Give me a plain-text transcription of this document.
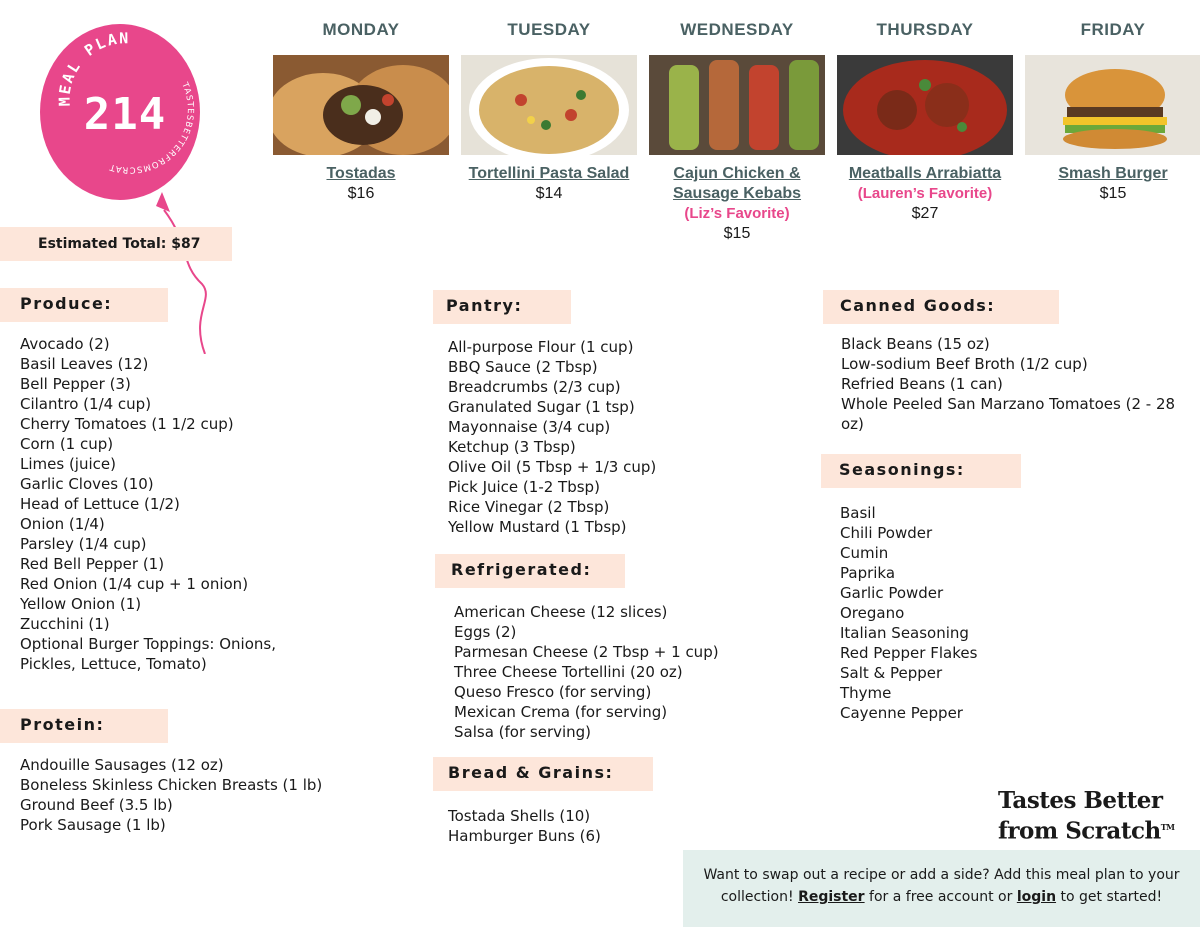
MEAL PLAN
TASTESBETTERFROMSCRAT
214
Estimated Total: $87
MONDAY
Tostadas
$16
TUESDAY
Tortellini Pasta Salad
$14
WEDNESDAY
Cajun Chicken & Sausage Kebabs
(Liz’s Favorite)
$15
THURSDAY
Meatballs Arrabiatta
(Lauren’s Favorite)
$27
FRIDAY
Smash Burger
$15
Produce:
Avocado (2)
Basil Leaves (12)
Bell Pepper (3)
Cilantro (1/4 cup)
Cherry Tomatoes (1 1/2 cup)
Corn (1 cup)
Limes (juice)
Garlic Cloves (10)
Head of Lettuce (1/2)
Onion (1/4)
Parsley (1/4 cup)
Red Bell Pepper (1)
Red Onion (1/4 cup + 1 onion)
Yellow Onion (1)
Zucchini (1)
Optional Burger Toppings: Onions,
Pickles, Lettuce, Tomato)
Protein:
Andouille Sausages (12 oz)
Boneless Skinless Chicken Breasts (1 lb)
Ground Beef (3.5 lb)
Pork Sausage (1 lb)
Pantry:
All-purpose Flour (1 cup)
BBQ Sauce (2 Tbsp)
Breadcrumbs (2/3 cup)
Granulated Sugar (1 tsp)
Mayonnaise (3/4 cup)
Ketchup (3 Tbsp)
Olive Oil (5 Tbsp + 1/3 cup)
Pick Juice (1-2 Tbsp)
Rice Vinegar (2 Tbsp)
Yellow Mustard (1 Tbsp)
Refrigerated:
American Cheese (12 slices)
Eggs (2)
Parmesan Cheese (2 Tbsp + 1 cup)
Three Cheese Tortellini (20 oz)
Queso Fresco (for serving)
Mexican Crema (for serving)
Salsa (for serving)
Bread & Grains:
Tostada Shells (10)
Hamburger Buns (6)
Canned Goods:
Black Beans (15 oz)
Low-sodium Beef Broth (1/2 cup)
Refried Beans (1 can)
Whole Peeled San Marzano Tomatoes (2 - 28
oz)
Seasonings:
Basil
Chili Powder
Cumin
Paprika
Garlic Powder
Oregano
Italian Seasoning
Red Pepper Flakes
Salt & Pepper
Thyme
Cayenne Pepper
Tastes Better
from Scratch™
Want to swap out a recipe or add a side? Add this meal plan to your collection! Register for a free account or login to get started!
